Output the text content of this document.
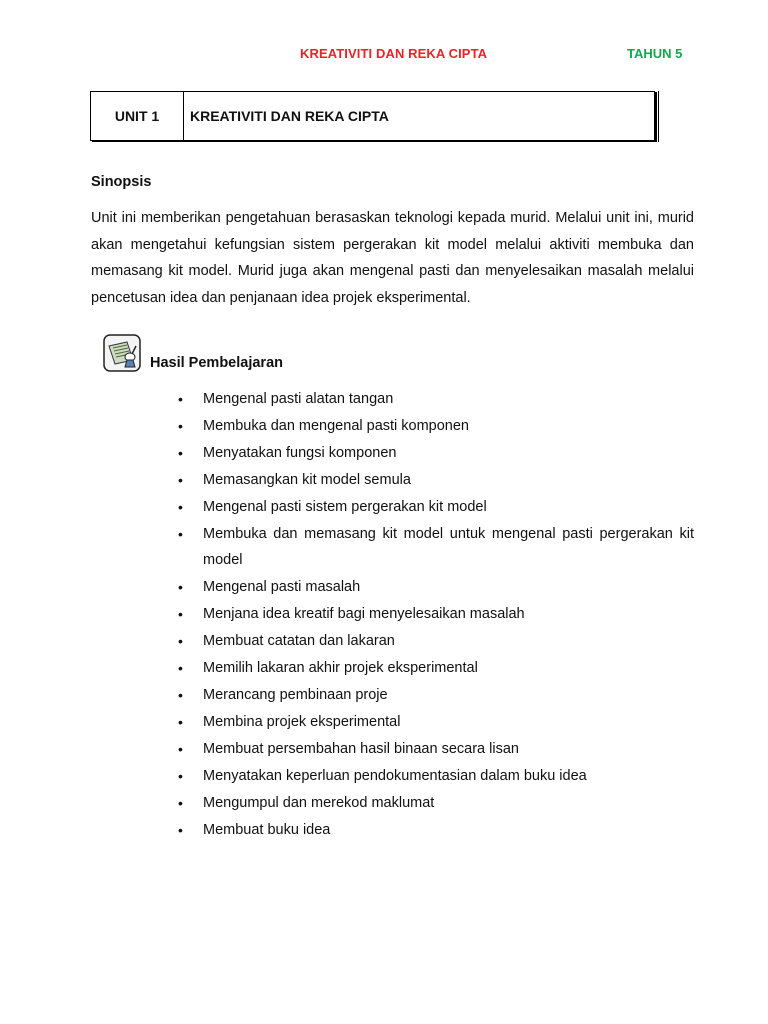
KREATIVITI DAN REKA CIPTA	TAHUN 5
UNIT 1	KREATIVITI DAN REKA CIPTA
Sinopsis

Unit ini memberikan pengetahuan berasaskan teknologi kepada murid. Melalui unit ini, murid akan mengetahui kefungsian sistem pergerakan kit model melalui aktiviti membuka dan memasang kit model. Murid juga akan mengenal pasti dan menyelesaikan masalah melalui pencetusan idea dan penjanaan idea projek eksperimental.

Hasil Pembelajaran
•	Mengenal pasti alatan tangan
•	Membuka dan mengenal pasti komponen
•	Menyatakan fungsi komponen
•	Memasangkan kit model semula
•	Mengenal pasti sistem pergerakan kit model
•	Membuka dan memasang kit model untuk mengenal pasti pergerakan kit model
•	Mengenal pasti masalah
•	Menjana idea kreatif bagi menyelesaikan masalah
•	Membuat catatan dan lakaran
•	Memilih lakaran akhir projek eksperimental
•	Merancang pembinaan proje
•	Membina projek eksperimental
•	Membuat persembahan hasil binaan secara lisan
•	Menyatakan keperluan pendokumentasian dalam buku idea
•	Mengumpul dan merekod maklumat
•	Membuat buku idea
